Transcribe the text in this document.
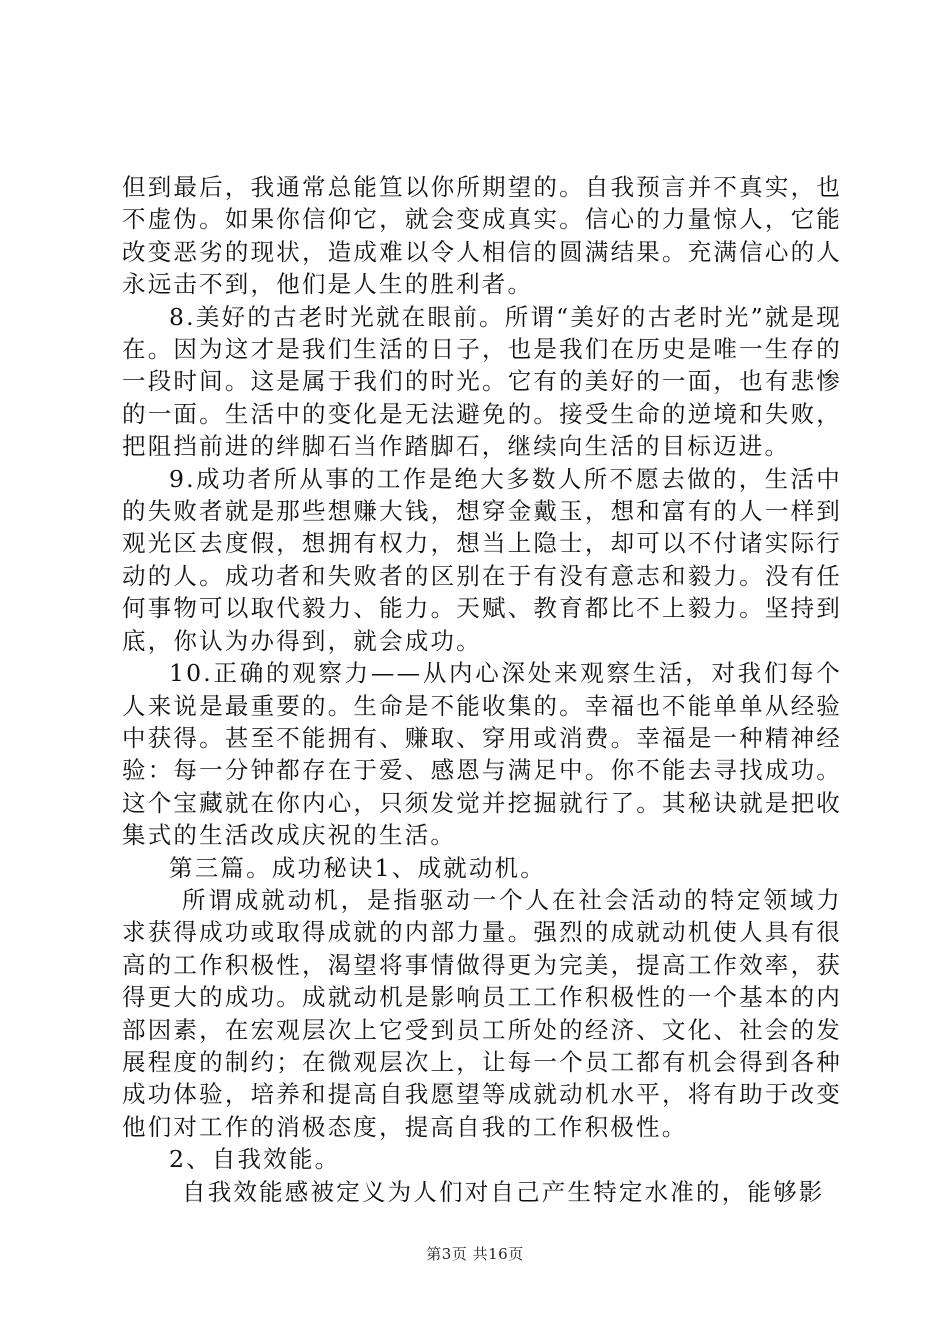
但到最后，我通常总能笪以你所期望的。自我预言并不真实，也不虚伪。如果你信仰它，就会变成真实。信心的力量惊人，它能改变恶劣的现状，造成难以令人相信的圆满结果。充满信心的人永远击不到，他们是人生的胜利者。

8.美好的古老时光就在眼前。所谓“美好的古老时光”就是现在。因为这才是我们生活的日子，也是我们在历史是唯一生存的一段时间。这是属于我们的时光。它有的美好的一面，也有悲惨的一面。生活中的变化是无法避免的。接受生命的逆境和失败，把阻挡前进的绊脚石当作踏脚石，继续向生活的目标迈进。

9.成功者所从事的工作是绝大多数人所不愿去做的，生活中的失败者就是那些想赚大钱，想穿金戴玉，想和富有的人一样到观光区去度假，想拥有权力，想当上隐士，却可以不付诸实际行动的人。成功者和失败者的区别在于有没有意志和毅力。没有任何事物可以取代毅力、能力。天赋、教育都比不上毅力。坚持到底，你认为办得到，就会成功。

10.正确的观察力——从内心深处来观察生活，对我们每个人来说是最重要的。生命是不能收集的。幸福也不能单单从经验中获得。甚至不能拥有、赚取、穿用或消费。幸福是一种精神经验：每一分钟都存在于爱、感恩与满足中。你不能去寻找成功。这个宝藏就在你内心，只须发觉并挖掘就行了。其秘诀就是把收集式的生活改成庆祝的生活。

第三篇。成功秘诀1、成就动机。

所谓成就动机，是指驱动一个人在社会活动的特定领域力求获得成功或取得成就的内部力量。强烈的成就动机使人具有很高的工作积极性，渴望将事情做得更为完美，提高工作效率，获得更大的成功。成就动机是影响员工工作积极性的一个基本的内部因素，在宏观层次上它受到员工所处的经济、文化、社会的发展程度的制约；在微观层次上，让每一个员工都有机会得到各种成功体验，培养和提高自我愿望等成就动机水平，将有助于改变他们对工作的消极态度，提高自我的工作积极性。

2、自我效能。

自我效能感被定义为人们对自己产生特定水准的，能够影

第3页 共16页
